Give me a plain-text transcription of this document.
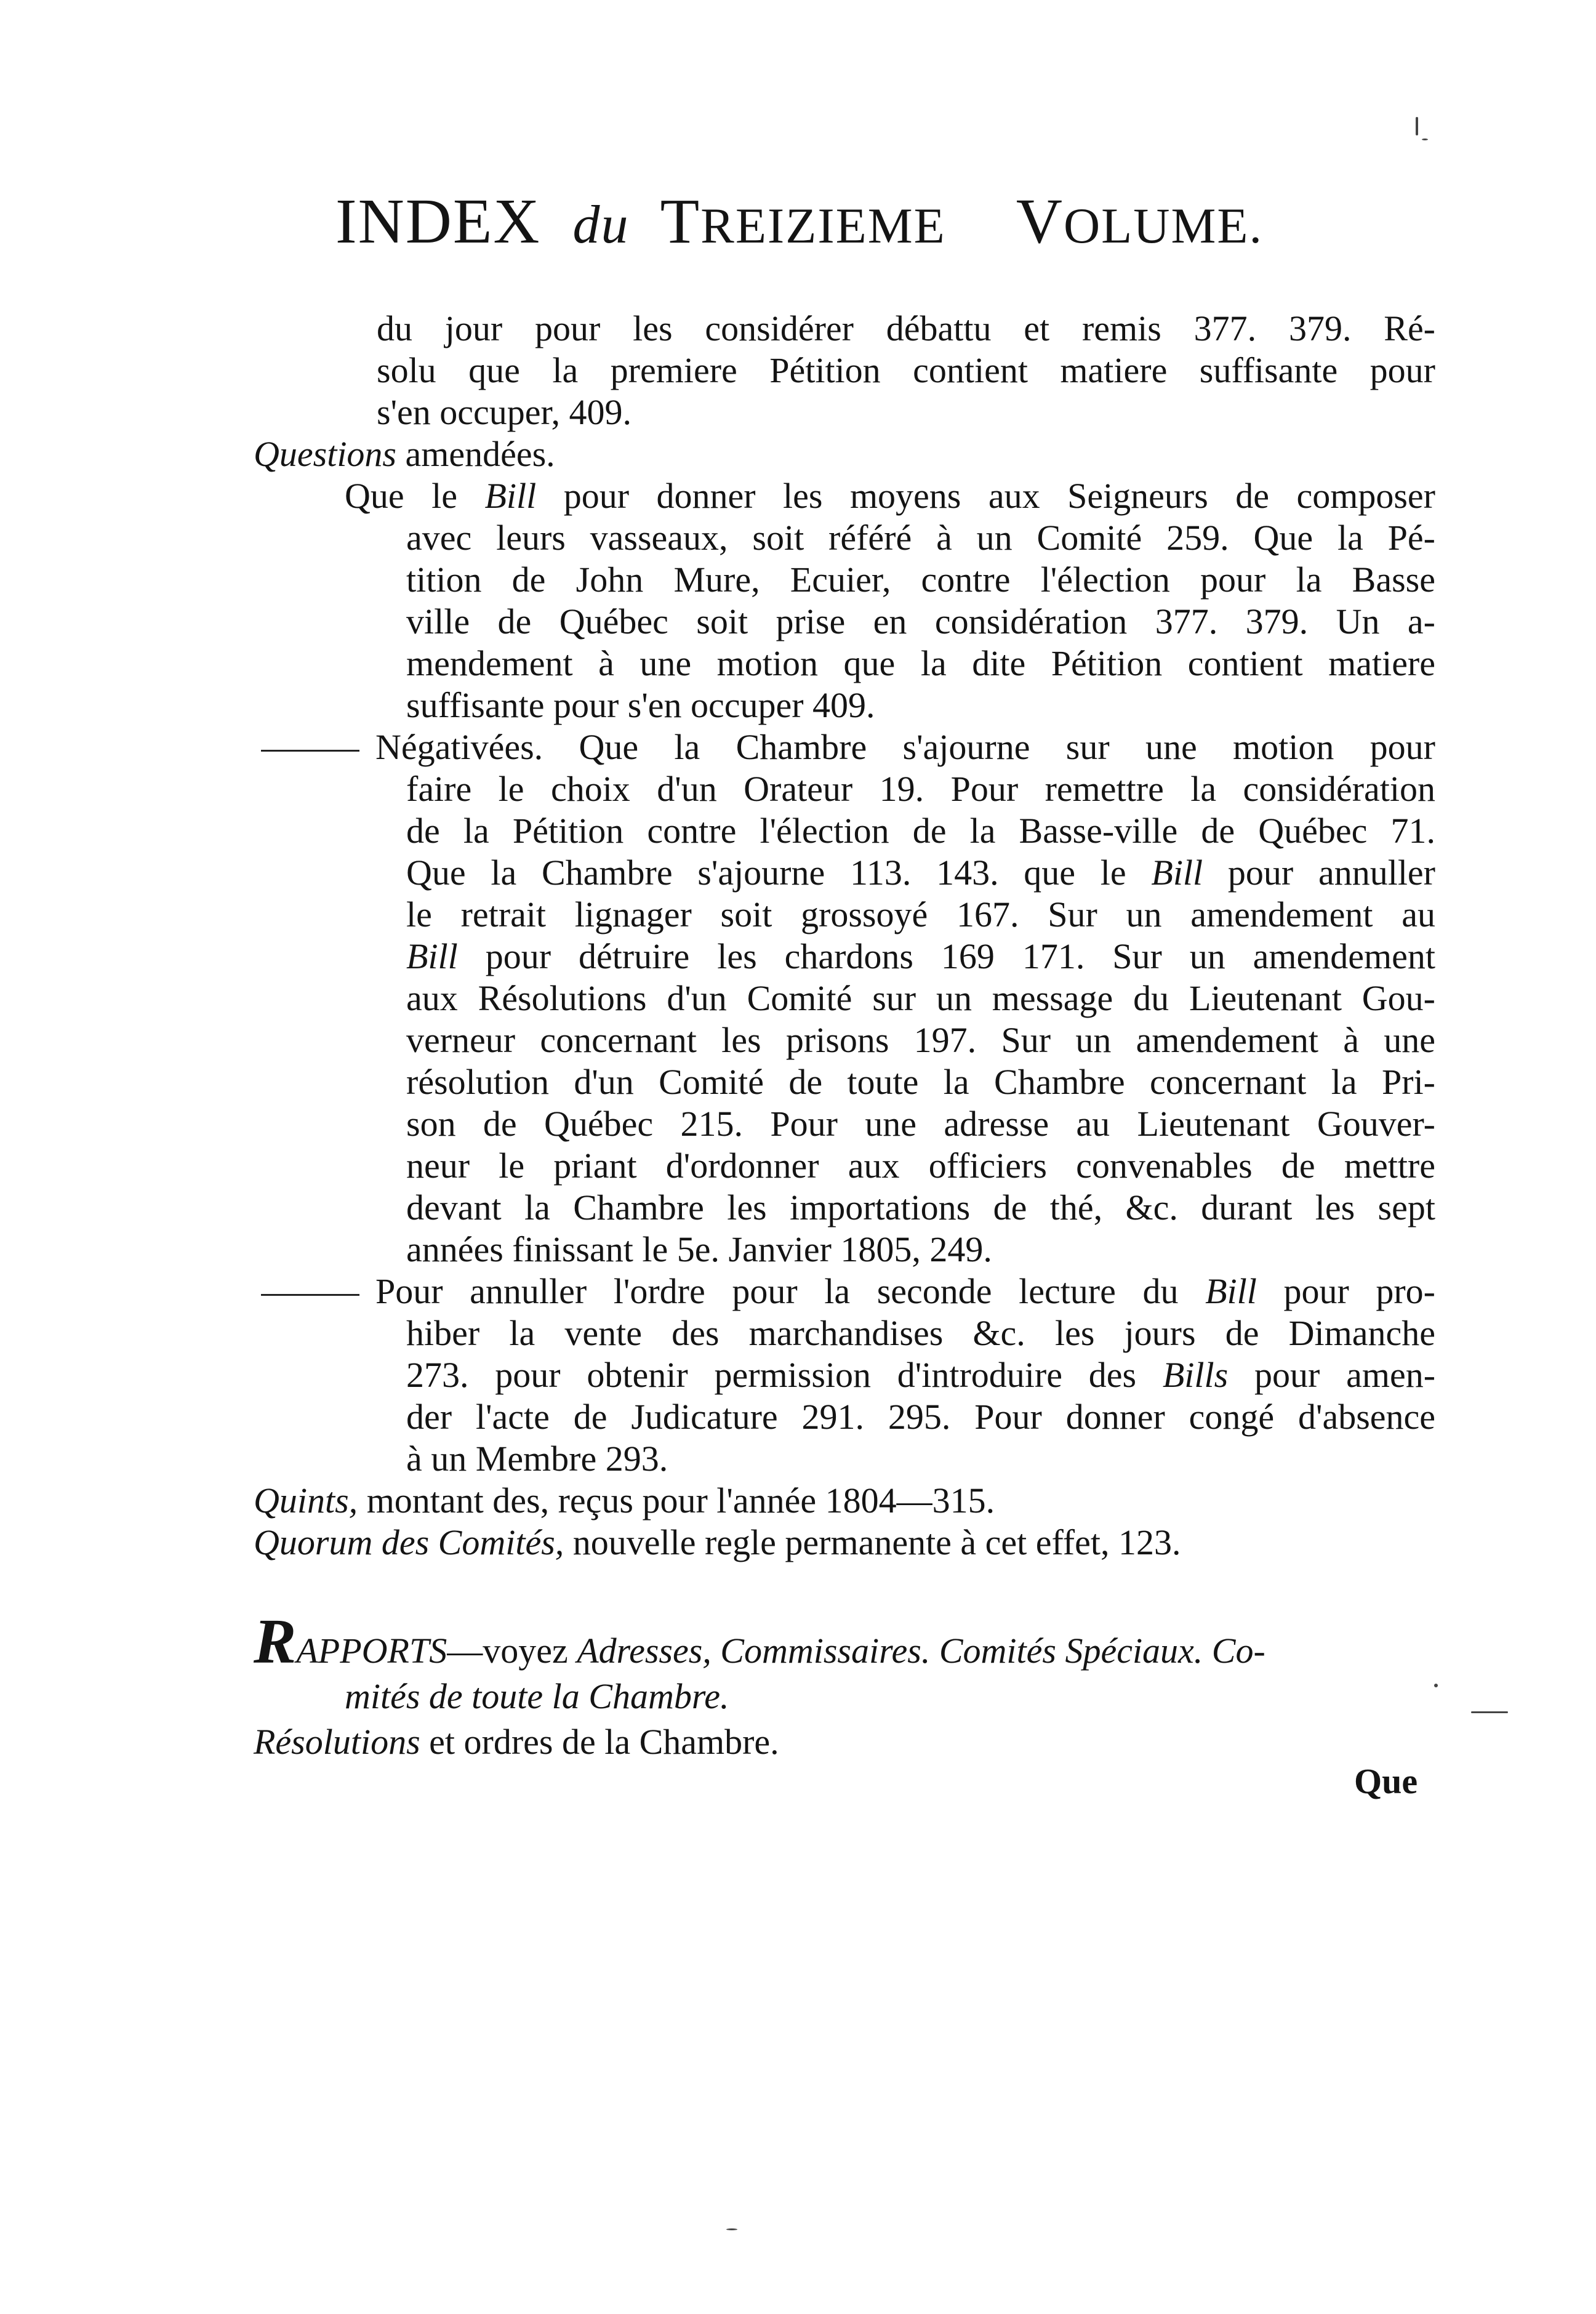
INDEX du TREIZIEME VOLUME.
du jour pour les considérer débattu et remis 377. 379. Ré-
solu que la premiere Pétition contient matiere suffisante pour
s'en occuper, 409.
Questions amendées.
Que le Bill pour donner les moyens aux Seigneurs de composer
avec leurs vasseaux, soit référé à un Comité 259. Que la Pé-
tition de John Mure, Ecuier, contre l'élection pour la Basse
ville de Québec soit prise en considération 377. 379. Un a-
mendement à une motion que la dite Pétition contient matiere
suffisante pour s'en occuper 409.
Négativées. Que la Chambre s'ajourne sur une motion pour
faire le choix d'un Orateur 19. Pour remettre la considération
de la Pétition contre l'élection de la Basse-ville de Québec 71.
Que la Chambre s'ajourne 113. 143. que le Bill pour annuller
le retrait lignager soit grossoyé 167. Sur un amendement au
Bill pour détruire les chardons 169 171. Sur un amendement
aux Résolutions d'un Comité sur un message du Lieutenant Gou-
verneur concernant les prisons 197. Sur un amendement à une
résolution d'un Comité de toute la Chambre concernant la Pri-
son de Québec 215. Pour une adresse au Lieutenant Gouver-
neur le priant d'ordonner aux officiers convenables de mettre
devant la Chambre les importations de thé, &c. durant les sept
années finissant le 5e. Janvier 1805, 249.
Pour annuller l'ordre pour la seconde lecture du Bill pour pro-
hiber la vente des marchandises &c. les jours de Dimanche
273. pour obtenir permission d'introduire des Bills pour amen-
der l'acte de Judicature 291. 295. Pour donner congé d'absence
à un Membre 293.
Quints, montant des, reçus pour l'année 1804—315.
Quorum des Comités, nouvelle regle permanente à cet effet, 123.
RAPPORTS—voyez Adresses, Commissaires. Comités Spéciaux. Co-
mités de toute la Chambre.
Résolutions et ordres de la Chambre.
Que
